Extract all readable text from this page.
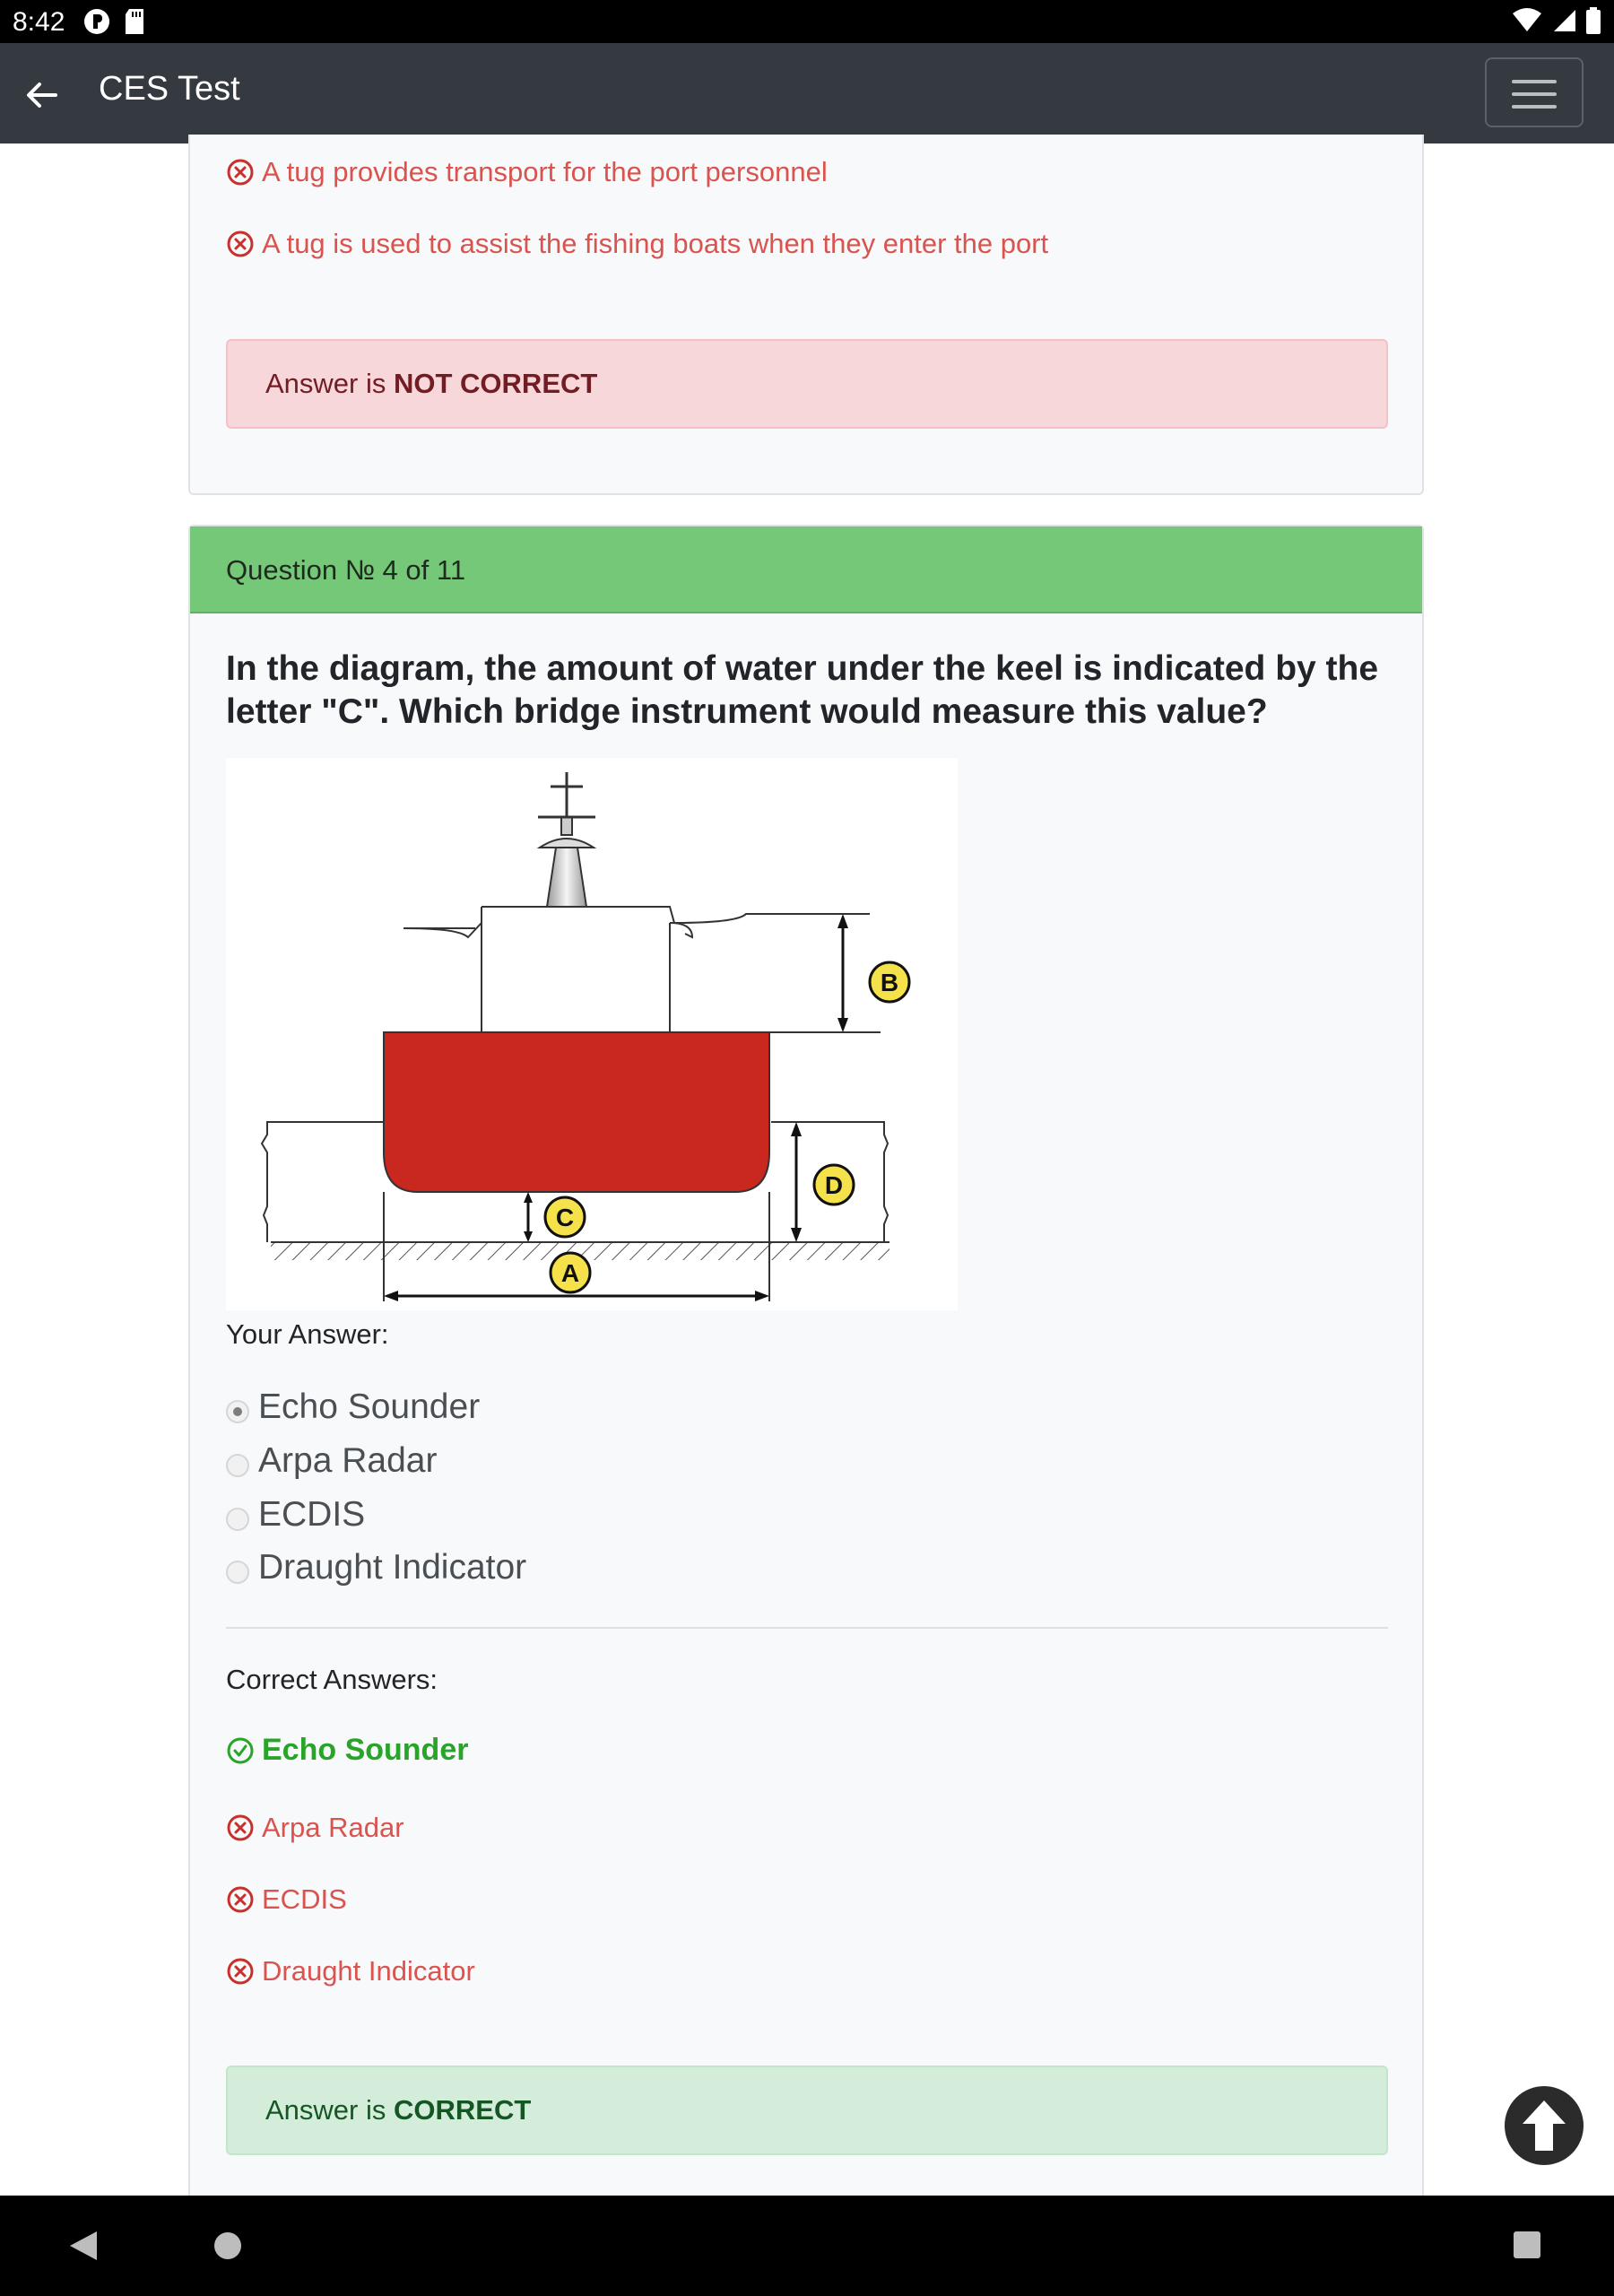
8:42
CES Test
A tug provides transport for the port personnel
A tug is used to assist the fishing boats when they enter the port
Answer is NOT CORRECT
Question № 4 of 11
In the diagram, the amount of water under the keel is indicated by the letter "C". Which bridge instrument would measure this value?
A
B
C
D
Your Answer:
Echo Sounder
Arpa Radar
ECDIS
Draught Indicator
Correct Answers:
Echo Sounder
Arpa Radar
ECDIS
Draught Indicator
Answer is CORRECT
